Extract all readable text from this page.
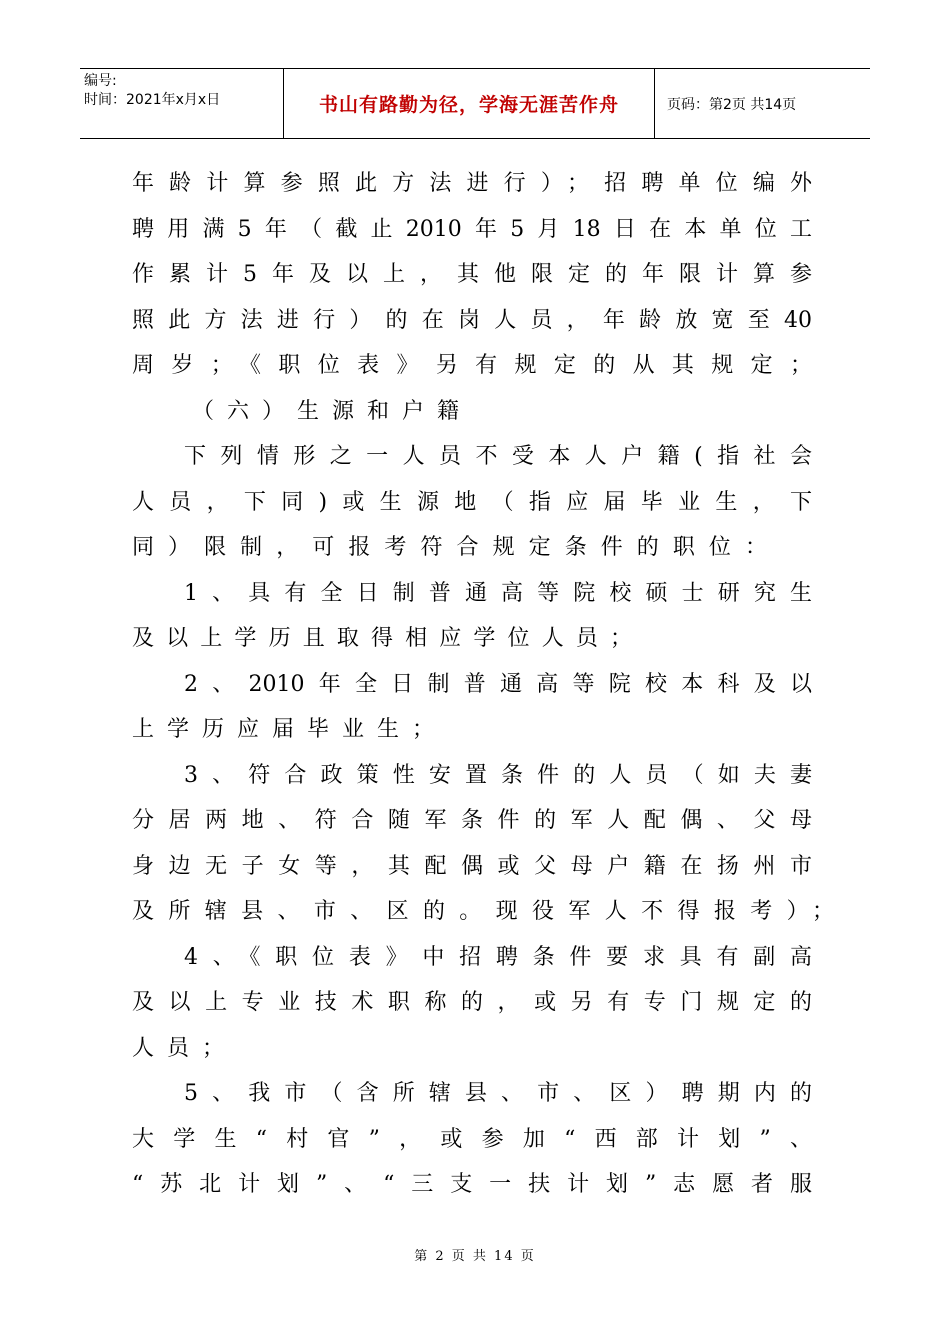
编号:
时间：2021年x月x日	书山有路勤为径，学海无涯苦作舟	页码：第2页 共14页
年龄计算参照此方法进行）；招聘单位编外
聘用满5年（截止2010年5月18日在本单位工
作累计5年及以上，其他限定的年限计算参
照此方法进行）的在岗人员，年龄放宽至40
周岁；《职位表》另有规定的从其规定；
（六）生源和户籍
下列情形之一人员不受本人户籍(指社会
人员，下同)或生源地（指应届毕业生，下
同）限制，可报考符合规定条件的职位：
1、具有全日制普通高等院校硕士研究生
及以上学历且取得相应学位人员；
2、2010年全日制普通高等院校本科及以
上学历应届毕业生；
3、符合政策性安置条件的人员（如夫妻
分居两地、符合随军条件的军人配偶、父母
身边无子女等，其配偶或父母户籍在扬州市
及所辖县、市、区的。现役军人不得报考）；
4、《职位表》中招聘条件要求具有副高
及以上专业技术职称的，或另有专门规定的
人员；
5、我市（含所辖县、市、区）聘期内的
大学生“村官”，或参加“西部计划”、
“苏北计划”、“三支一扶计划”志愿者服
第 2 页 共 14 页
